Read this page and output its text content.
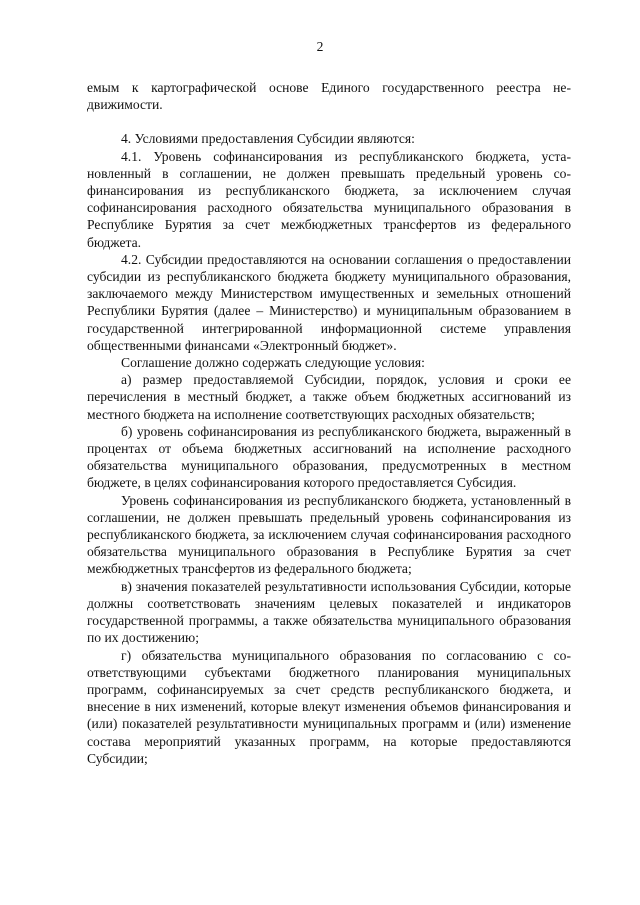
2

емым к картографической основе Единого государственного реестра недвижимости.

4. Условиями предоставления Субсидии являются:

4.1. Уровень софинансирования из республиканского бюджета, установленный в соглашении, не должен превышать предельный уровень софинансирования из республиканского бюджета, за исключением случая софинансирования расходного обязательства муниципального образования в Республике Бурятия за счет межбюджетных трансфертов из федерального бюджета.

4.2. Субсидии предоставляются на основании соглашения о предоставлении субсидии из республиканского бюджета бюджету муниципального образования, заключаемого между Министерством имущественных и земельных отношений Республики Бурятия (далее – Министерство) и муниципальным образованием в государственной интегрированной информационной системе управления общественными финансами «Электронный бюджет».

Соглашение должно содержать следующие условия:

а) размер предоставляемой Субсидии, порядок, условия и сроки ее перечисления в местный бюджет, а также объем бюджетных ассигнований из местного бюджета на исполнение соответствующих расходных обязательств;

б) уровень софинансирования из республиканского бюджета, выраженный в процентах от объема бюджетных ассигнований на исполнение расходного обязательства муниципального образования, предусмотренных в местном бюджете, в целях софинансирования которого предоставляется Субсидия.

Уровень софинансирования из республиканского бюджета, установленный в соглашении, не должен превышать предельный уровень софинансирования из республиканского бюджета, за исключением случая софинансирования расходного обязательства муниципального образования в Республике Бурятия за счет межбюджетных трансфертов из федерального бюджета;

в) значения показателей результативности использования Субсидии, которые должны соответствовать значениям целевых показателей и индикаторов государственной программы, а также обязательства муниципального образования по их достижению;

г) обязательства муниципального образования по согласованию с соответствующими субъектами бюджетного планирования муниципальных программ, софинансируемых за счет средств республиканского бюджета, и внесение в них изменений, которые влекут изменения объемов финансирования и (или) показателей результативности муниципальных программ и (или) изменение состава мероприятий указанных программ, на которые предоставляются Субсидии;
